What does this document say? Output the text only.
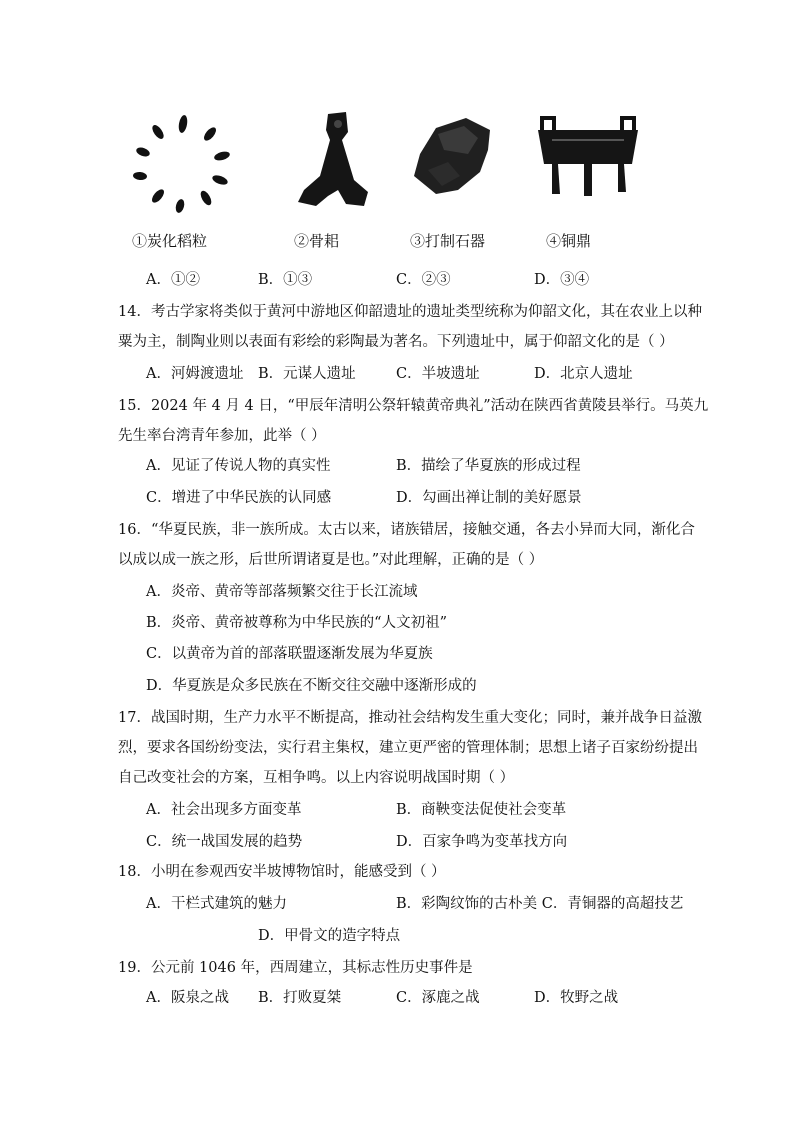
①炭化稻粒	②骨耜	③打制石器	④铜鼎
A．①②	B．①③	C．②③	D．③④
14．考古学家将类似于黄河中游地区仰韶遗址的遗址类型统称为仰韶文化，其在农业上以种
粟为主，制陶业则以表面有彩绘的彩陶最为著名。下列遗址中，属于仰韶文化的是（ ）
A．河姆渡遗址 B．元谋人遗址	C．半坡遗址	D．北京人遗址
15．2024 年 4 月 4 日，“甲辰年清明公祭轩辕黄帝典礼”活动在陕西省黄陵县举行。马英九
先生率台湾青年参加，此举（ ）
A．见证了传说人物的真实性	B．描绘了华夏族的形成过程
C．增进了中华民族的认同感	D．勾画出禅让制的美好愿景
16．“华夏民族，非一族所成。太古以来，诸族错居，接触交通，各去小异而大同，渐化合
以成以成一族之形，后世所谓诸夏是也。”对此理解，正确的是（ ）
A．炎帝、黄帝等部落频繁交往于长江流域
B．炎帝、黄帝被尊称为中华民族的“人文初祖”
C．以黄帝为首的部落联盟逐渐发展为华夏族
D．华夏族是众多民族在不断交往交融中逐渐形成的
17．战国时期，生产力水平不断提高，推动社会结构发生重大变化；同时，兼并战争日益激
烈，要求各国纷纷变法，实行君主集权，建立更严密的管理体制；思想上诸子百家纷纷提出
自己改变社会的方案，互相争鸣。以上内容说明战国时期（ ）
A．社会出现多方面变革	B．商鞅变法促使社会变革
C．统一战国发展的趋势	D．百家争鸣为变革找方向
18．小明在参观西安半坡博物馆时，能感受到（ ）
A．干栏式建筑的魅力	B．彩陶纹饰的古朴美 C．青铜器的高超技艺
D．甲骨文的造字特点
19．公元前 1046 年，西周建立，其标志性历史事件是
A．阪泉之战 B．打败夏桀	C．涿鹿之战	D．牧野之战
